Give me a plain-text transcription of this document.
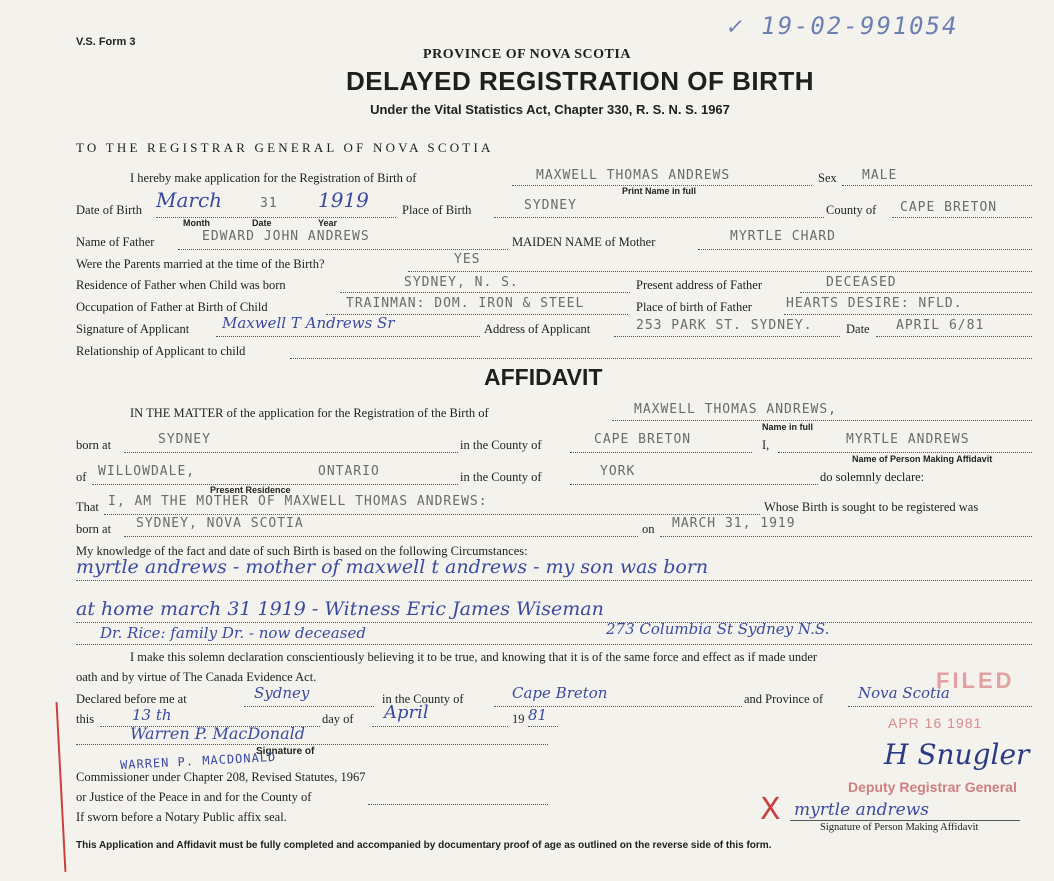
V.S. Form 3
✓ 19-02-991054
PROVINCE OF NOVA SCOTIA
DELAYED REGISTRATION OF BIRTH
Under the Vital Statistics Act, Chapter 330, R. S. N. S. 1967
TO THE REGISTRAR GENERAL OF NOVA SCOTIA
I hereby make application for the Registration of Birth of	MAXWELL THOMAS ANDREWS	Sex MALE
Print Name in full
Date of Birth March	31 1919
Month	Date	Year
Place of Birth	SYDNEY	County of CAPE BRETON
Name of Father	EDWARD JOHN ANDREWS	MAIDEN NAME of Mother	MYRTLE CHARD
Were the Parents married at the time of the Birth?	YES
Residence of Father when Child was born	SYDNEY, N. S.	Present address of Father	DECEASED
Occupation of Father at Birth of Child	TRAINMAN: DOM. IRON & STEEL	Place of birth of Father	HEARTS DESIRE: NFLD.
Signature of Applicant Maxwell T Andrews Sr	Address of Applicant	253 PARK ST. SYDNEY.	Date APRIL 6/81
Relationship of Applicant to child
AFFIDAVIT
IN THE MATTER of the application for the Registration of the Birth of	MAXWELL THOMAS ANDREWS,
Name in full
born at	SYDNEY	in the County of	CAPE BRETON	I,	MYRTLE ANDREWS
Name of Person Making Affidavit
of WILLOWDALE,	ONTARIO
Present Residence
in the County of	YORK	do solemnly declare:
That I, AM THE MOTHER OF MAXWELL THOMAS ANDREWS:	Whose Birth is sought to be registered was
born at SYDNEY, NOVA SCOTIA	on MARCH 31, 1919
My knowledge of the fact and date of such Birth is based on the following Circumstances:
myrtle andrews - mother of maxwell t andrews - my son was born
at home march 31 1919 - Witness Eric James Wiseman
Dr. Rice: family Dr. - now deceased	273 Columbia St Sydney N.S.
I make this solemn declaration conscientiously believing it to be true, and knowing that it is of the same force and effect as if made under
oath and by virtue of The Canada Evidence Act.
Declared before me at	Sydney	in the County of	Cape Breton	and Province of Nova Scotia
this	13 th	day of April	19 81
Warren P. MacDonald
Signature of
WARREN P. MACDONALD
Commissioner under Chapter 208, Revised Statutes, 1967
or Justice of the Peace in and for the County of
If sworn before a Notary Public affix seal.
FILED
APR 16 1981
H Snugler
Deputy Registrar General
X myrtle andrews
Signature of Person Making Affidavit
This Application and Affidavit must be fully completed and accompanied by documentary proof of age as outlined on the reverse side of this form.
